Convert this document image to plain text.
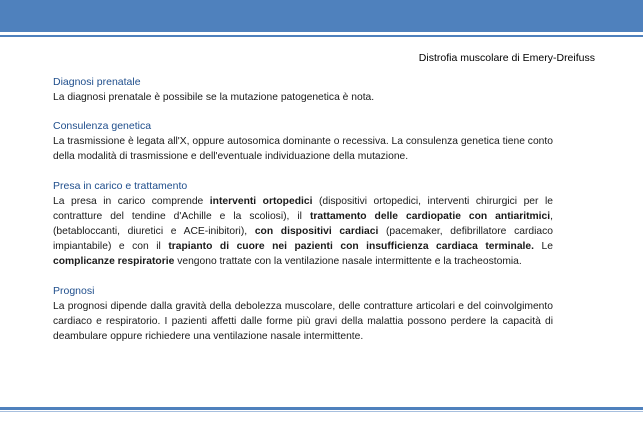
Distrofia muscolare di Emery-Dreifuss

Diagnosi prenatale

La diagnosi prenatale è possibile se la mutazione patogenetica è nota.

Consulenza genetica

La trasmissione è legata all'X, oppure autosomica dominante o recessiva. La consulenza genetica tiene conto della modalità di trasmissione e dell'eventuale individuazione della mutazione.

Presa in carico e trattamento

La presa in carico comprende interventi ortopedici (dispositivi ortopedici, interventi chirurgici per le contratture del tendine d'Achille e la scoliosi), il trattamento delle cardiopatie con antiaritmici, (betabloccanti, diuretici e ACE-inibitori), con dispositivi cardiaci (pacemaker, defibrillatore cardiaco impiantabile) e con il trapianto di cuore nei pazienti con insufficienza cardiaca terminale. Le complicanze respiratorie vengono trattate con la ventilazione nasale intermittente e la tracheostomia.

Prognosi

La prognosi dipende dalla gravità della debolezza muscolare, delle contratture articolari e del coinvolgimento cardiaco e respiratorio. I pazienti affetti dalle forme più gravi della malattia possono perdere la capacità di deambulare oppure richiedere una ventilazione nasale intermittente.
